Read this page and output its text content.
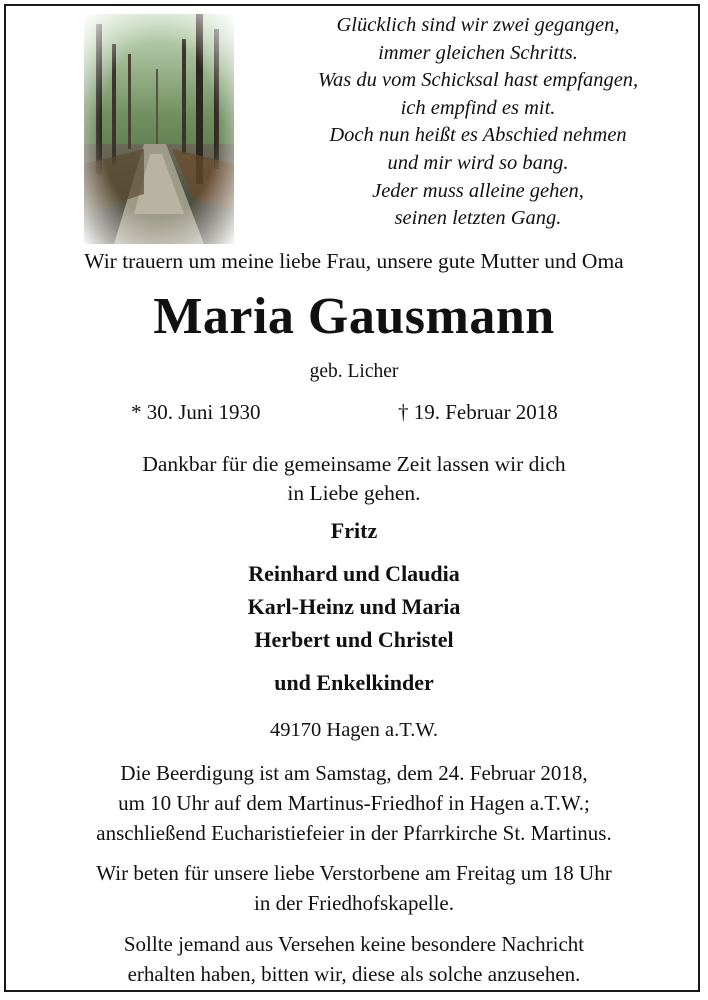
Glücklich sind wir zwei gegangen,
immer gleichen Schritts.
Was du vom Schicksal hast empfangen,
ich empfind es mit.
Doch nun heißt es Abschied nehmen
und mir wird so bang.
Jeder muss alleine gehen,
seinen letzten Gang.
Wir trauern um meine liebe Frau, unsere gute Mutter und Oma
Maria Gausmann
geb. Licher
* 30. Juni 1930	† 19. Februar 2018
Dankbar für die gemeinsame Zeit lassen wir dich
in Liebe gehen.
Fritz
Reinhard und Claudia
Karl-Heinz und Maria
Herbert und Christel
und Enkelkinder
49170 Hagen a.T.W.
Die Beerdigung ist am Samstag, dem 24. Februar 2018,
um 10 Uhr auf dem Martinus-Friedhof in Hagen a.T.W.;
anschließend Eucharistiefeier in der Pfarrkirche St. Martinus.
Wir beten für unsere liebe Verstorbene am Freitag um 18 Uhr
in der Friedhofskapelle.
Sollte jemand aus Versehen keine besondere Nachricht
erhalten haben, bitten wir, diese als solche anzusehen.
